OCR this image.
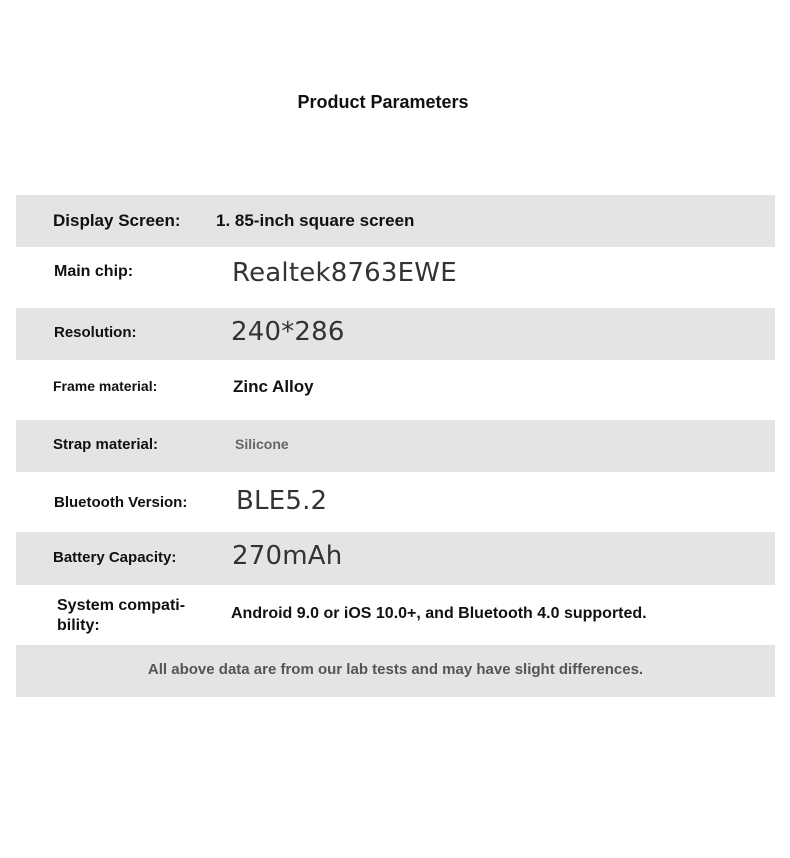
Product Parameters
Display Screen: 1. 85-inch square screen
Main chip:	Realtek8763EWE
Resolution:	240*286
Frame material:	Zinc Alloy
Strap material:	Silicone
Bluetooth Version: BLE5.2
Battery Capacity: 270mAh
System compati-
bility:
Android 9.0 or iOS 10.0+, and Bluetooth 4.0 supported.
All above data are from our lab tests and may have slight differences.
